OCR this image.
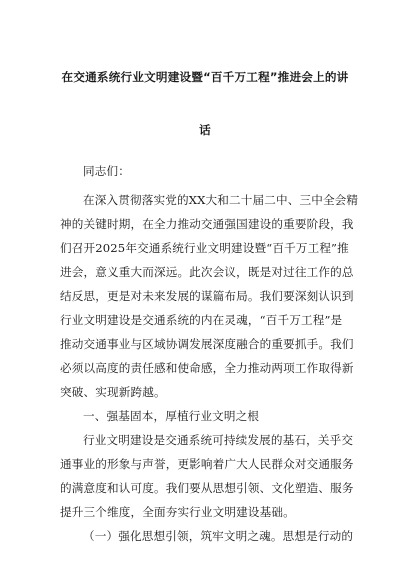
在交通系统行业文明建设暨“百千万工程”推进会上的讲
话
同志们：
在深入贯彻落实党的XX大和二十届二中、三中全会精
神的关键时期，在全力推动交通强国建设的重要阶段，我
们召开2025年交通系统行业文明建设暨“百千万工程”推
进会，意义重大而深远。此次会议，既是对过往工作的总
结反思，更是对未来发展的谋篇布局。我们要深刻认识到
行业文明建设是交通系统的内在灵魂，“百千万工程”是
推动交通事业与区域协调发展深度融合的重要抓手。我们
必须以高度的责任感和使命感，全力推动两项工作取得新
突破、实现新跨越。
一、强基固本，厚植行业文明之根
行业文明建设是交通系统可持续发展的基石，关乎交
通事业的形象与声誉，更影响着广大人民群众对交通服务
的满意度和认可度。我们要从思想引领、文化塑造、服务
提升三个维度，全面夯实行业文明建设基础。
（一）强化思想引领，筑牢文明之魂。思想是行动的
